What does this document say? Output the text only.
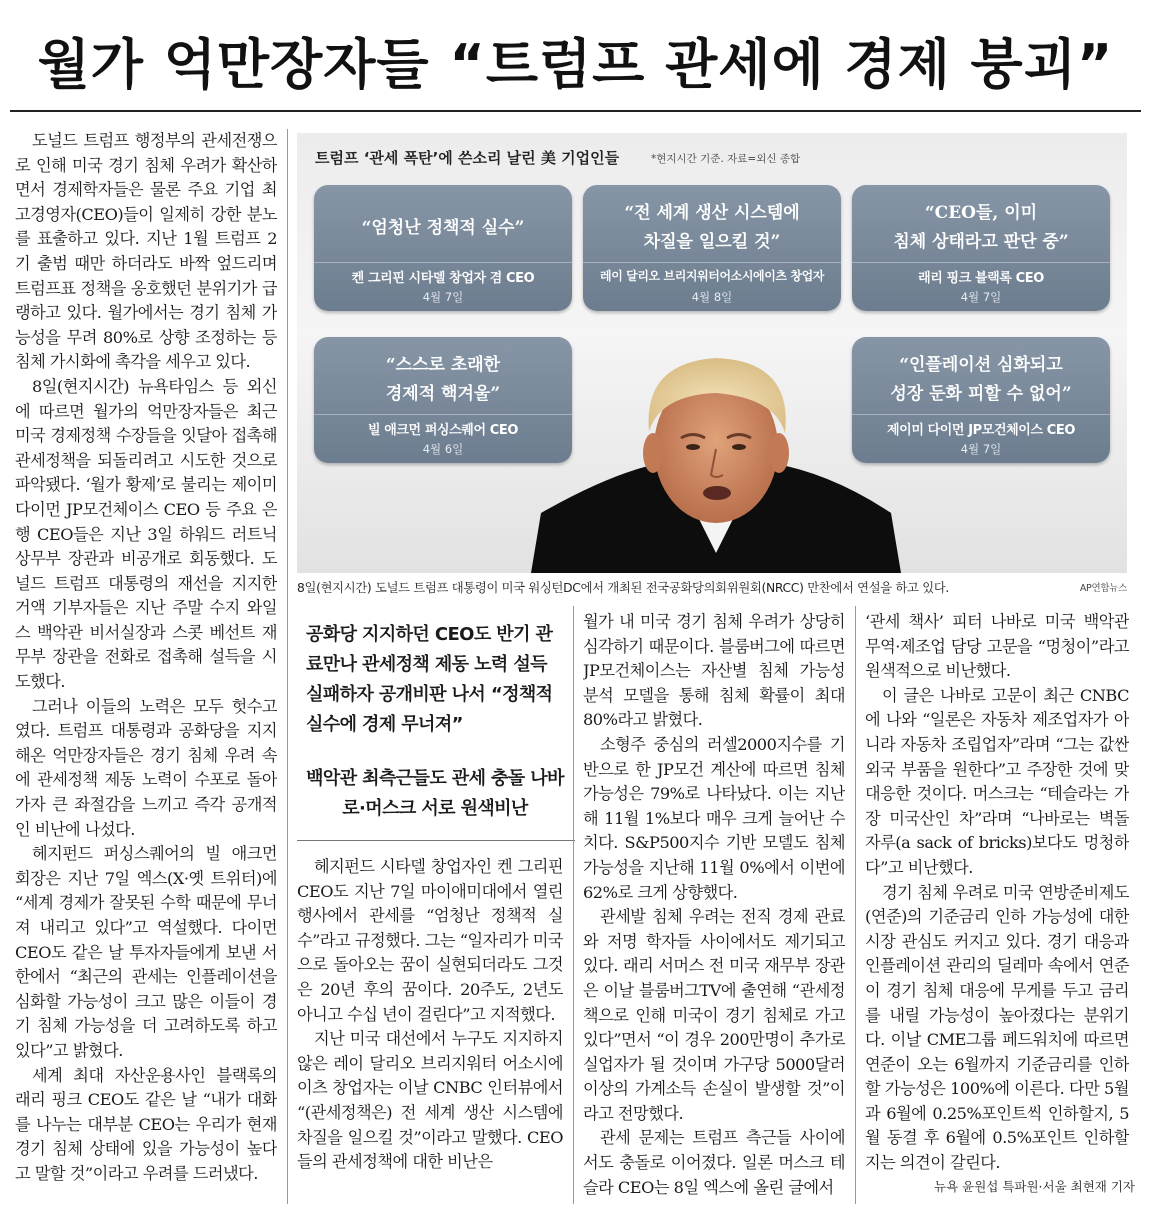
월가 억만장자들 “트럼프 관세에 경제 붕괴”

도널드 트럼프 행정부의 관세전쟁으로 인해 미국 경기 침체 우려가 확산하면서 경제학자들은 물론 주요 기업 최고경영자(CEO)들이 일제히 강한 분노를 표출하고 있다. 지난 1월 트럼프 2기 출범 때만 하더라도 바짝 엎드리며 트럼프표 정책을 옹호했던 분위기가 급랭하고 있다. 월가에서는 경기 침체 가능성을 무려 80%로 상향 조정하는 등 침체 가시화에 촉각을 세우고 있다.

8일(현지시간) 뉴욕타임스 등 외신에 따르면 월가의 억만장자들은 최근 미국 경제정책 수장들을 잇달아 접촉해 관세정책을 되돌리려고 시도한 것으로 파악됐다. ‘월가 황제’로 불리는 제이미 다이먼 JP모건체이스 CEO 등 주요 은행 CEO들은 지난 3일 하워드 러트닉 상무부 장관과 비공개로 회동했다. 도널드 트럼프 대통령의 재선을 지지한 거액 기부자들은 지난 주말 수지 와일스 백악관 비서실장과 스콧 베선트 재무부 장관을 전화로 접촉해 설득을 시도했다.

그러나 이들의 노력은 모두 헛수고였다. 트럼프 대통령과 공화당을 지지해온 억만장자들은 경기 침체 우려 속에 관세정책 제동 노력이 수포로 돌아가자 큰 좌절감을 느끼고 즉각 공개적인 비난에 나섰다.

헤지펀드 퍼싱스퀘어의 빌 애크먼 회장은 지난 7일 엑스(X·옛 트위터)에 “세계 경제가 잘못된 수학 때문에 무너져 내리고 있다”고 역설했다. 다이먼 CEO도 같은 날 투자자들에게 보낸 서한에서 “최근의 관세는 인플레이션을 심화할 가능성이 크고 많은 이들이 경기 침체 가능성을 더 고려하도록 하고 있다”고 밝혔다.

세계 최대 자산운용사인 블랙록의 래리 핑크 CEO도 같은 날 “내가 대화를 나누는 대부분 CEO는 우리가 현재 경기 침체 상태에 있을 가능성이 높다고 말할 것”이라고 우려를 드러냈다.

트럼프 ‘관세 폭탄’에 쓴소리 날린 美 기업인들	*현지시간 기준. 자료=외신 종합
“엄청난 정책적 실수”
켄 그리핀 시타델 창업자 겸 CEO
4월 7일
“전 세계 생산 시스템에
차질을 일으킬 것”
레이 달리오 브리지워터어소시에이츠 창업자
4월 8일
“CEO들, 이미
침체 상태라고 판단 중”
래리 핑크 블랙록 CEO
4월 7일
“스스로 초래한
경제적 핵겨울”
빌 애크먼 퍼싱스퀘어 CEO
4월 6일
“인플레이션 심화되고
성장 둔화 피할 수 없어”
제이미 다이먼 JP모건체이스 CEO
4월 7일
8일(현지시간) 도널드 트럼프 대통령이 미국 워싱턴DC에서 개최된 전국공화당의회위원회(NRCC) 만찬에서 연설을 하고 있다.	AP연합뉴스
공화당 지지하던 CEO도 반기 관료만나 관세정책 제동 노력 설득 실패하자 공개비판 나서 “정책적 실수에 경제 무너져”
백악관 최측근들도 관세 충돌 나바로·머스크 서로 원색비난

헤지펀드 시타델 창업자인 켄 그리핀 CEO도 지난 7일 마이애미대에서 열린 행사에서 관세를 “엄청난 정책적 실수”라고 규정했다. 그는 “일자리가 미국으로 돌아오는 꿈이 실현되더라도 그것은 20년 후의 꿈이다. 20주도, 2년도 아니고 수십 년이 걸린다”고 지적했다.

지난 미국 대선에서 누구도 지지하지 않은 레이 달리오 브리지워터 어소시에이츠 창업자는 이날 CNBC 인터뷰에서 “(관세정책은) 전 세계 생산 시스템에 차질을 일으킬 것”이라고 말했다. CEO들의 관세정책에 대한 비난은

월가 내 미국 경기 침체 우려가 상당히 심각하기 때문이다. 블룸버그에 따르면 JP모건체이스는 자산별 침체 가능성 분석 모델을 통해 침체 확률이 최대 80%라고 밝혔다.

소형주 중심의 러셀2000지수를 기반으로 한 JP모건 계산에 따르면 침체 가능성은 79%로 나타났다. 이는 지난해 11월 1%보다 매우 크게 늘어난 수치다. S&P500지수 기반 모델도 침체 가능성을 지난해 11월 0%에서 이번에 62%로 크게 상향했다.

관세발 침체 우려는 전직 경제 관료와 저명 학자들 사이에서도 제기되고 있다. 래리 서머스 전 미국 재무부 장관은 이날 블룸버그TV에 출연해 “관세정책으로 인해 미국이 경기 침체로 가고 있다”면서 “이 경우 200만명이 추가로 실업자가 될 것이며 가구당 5000달러 이상의 가계소득 손실이 발생할 것”이라고 전망했다.

관세 문제는 트럼프 측근들 사이에서도 충돌로 이어졌다. 일론 머스크 테슬라 CEO는 8일 엑스에 올린 글에서

‘관세 책사’ 피터 나바로 미국 백악관 무역·제조업 담당 고문을 “멍청이”라고 원색적으로 비난했다.

이 글은 나바로 고문이 최근 CNBC에 나와 “일론은 자동차 제조업자가 아니라 자동차 조립업자”라며 “그는 값싼 외국 부품을 원한다”고 주장한 것에 맞대응한 것이다. 머스크는 “테슬라는 가장 미국산인 차”라며 “나바로는 벽돌 자루(a sack of bricks)보다도 멍청하다”고 비난했다.

경기 침체 우려로 미국 연방준비제도(연준)의 기준금리 인하 가능성에 대한 시장 관심도 커지고 있다. 경기 대응과 인플레이션 관리의 딜레마 속에서 연준이 경기 침체 대응에 무게를 두고 금리를 내릴 가능성이 높아졌다는 분위기다. 이날 CME그룹 페드워치에 따르면 연준이 오는 6월까지 기준금리를 인하할 가능성은 100%에 이른다. 다만 5월과 6월에 0.25%포인트씩 인하할지, 5월 동결 후 6월에 0.5%포인트 인하할지는 의견이 갈린다.

뉴욕 윤원섭 특파원·서울 최현재 기자
